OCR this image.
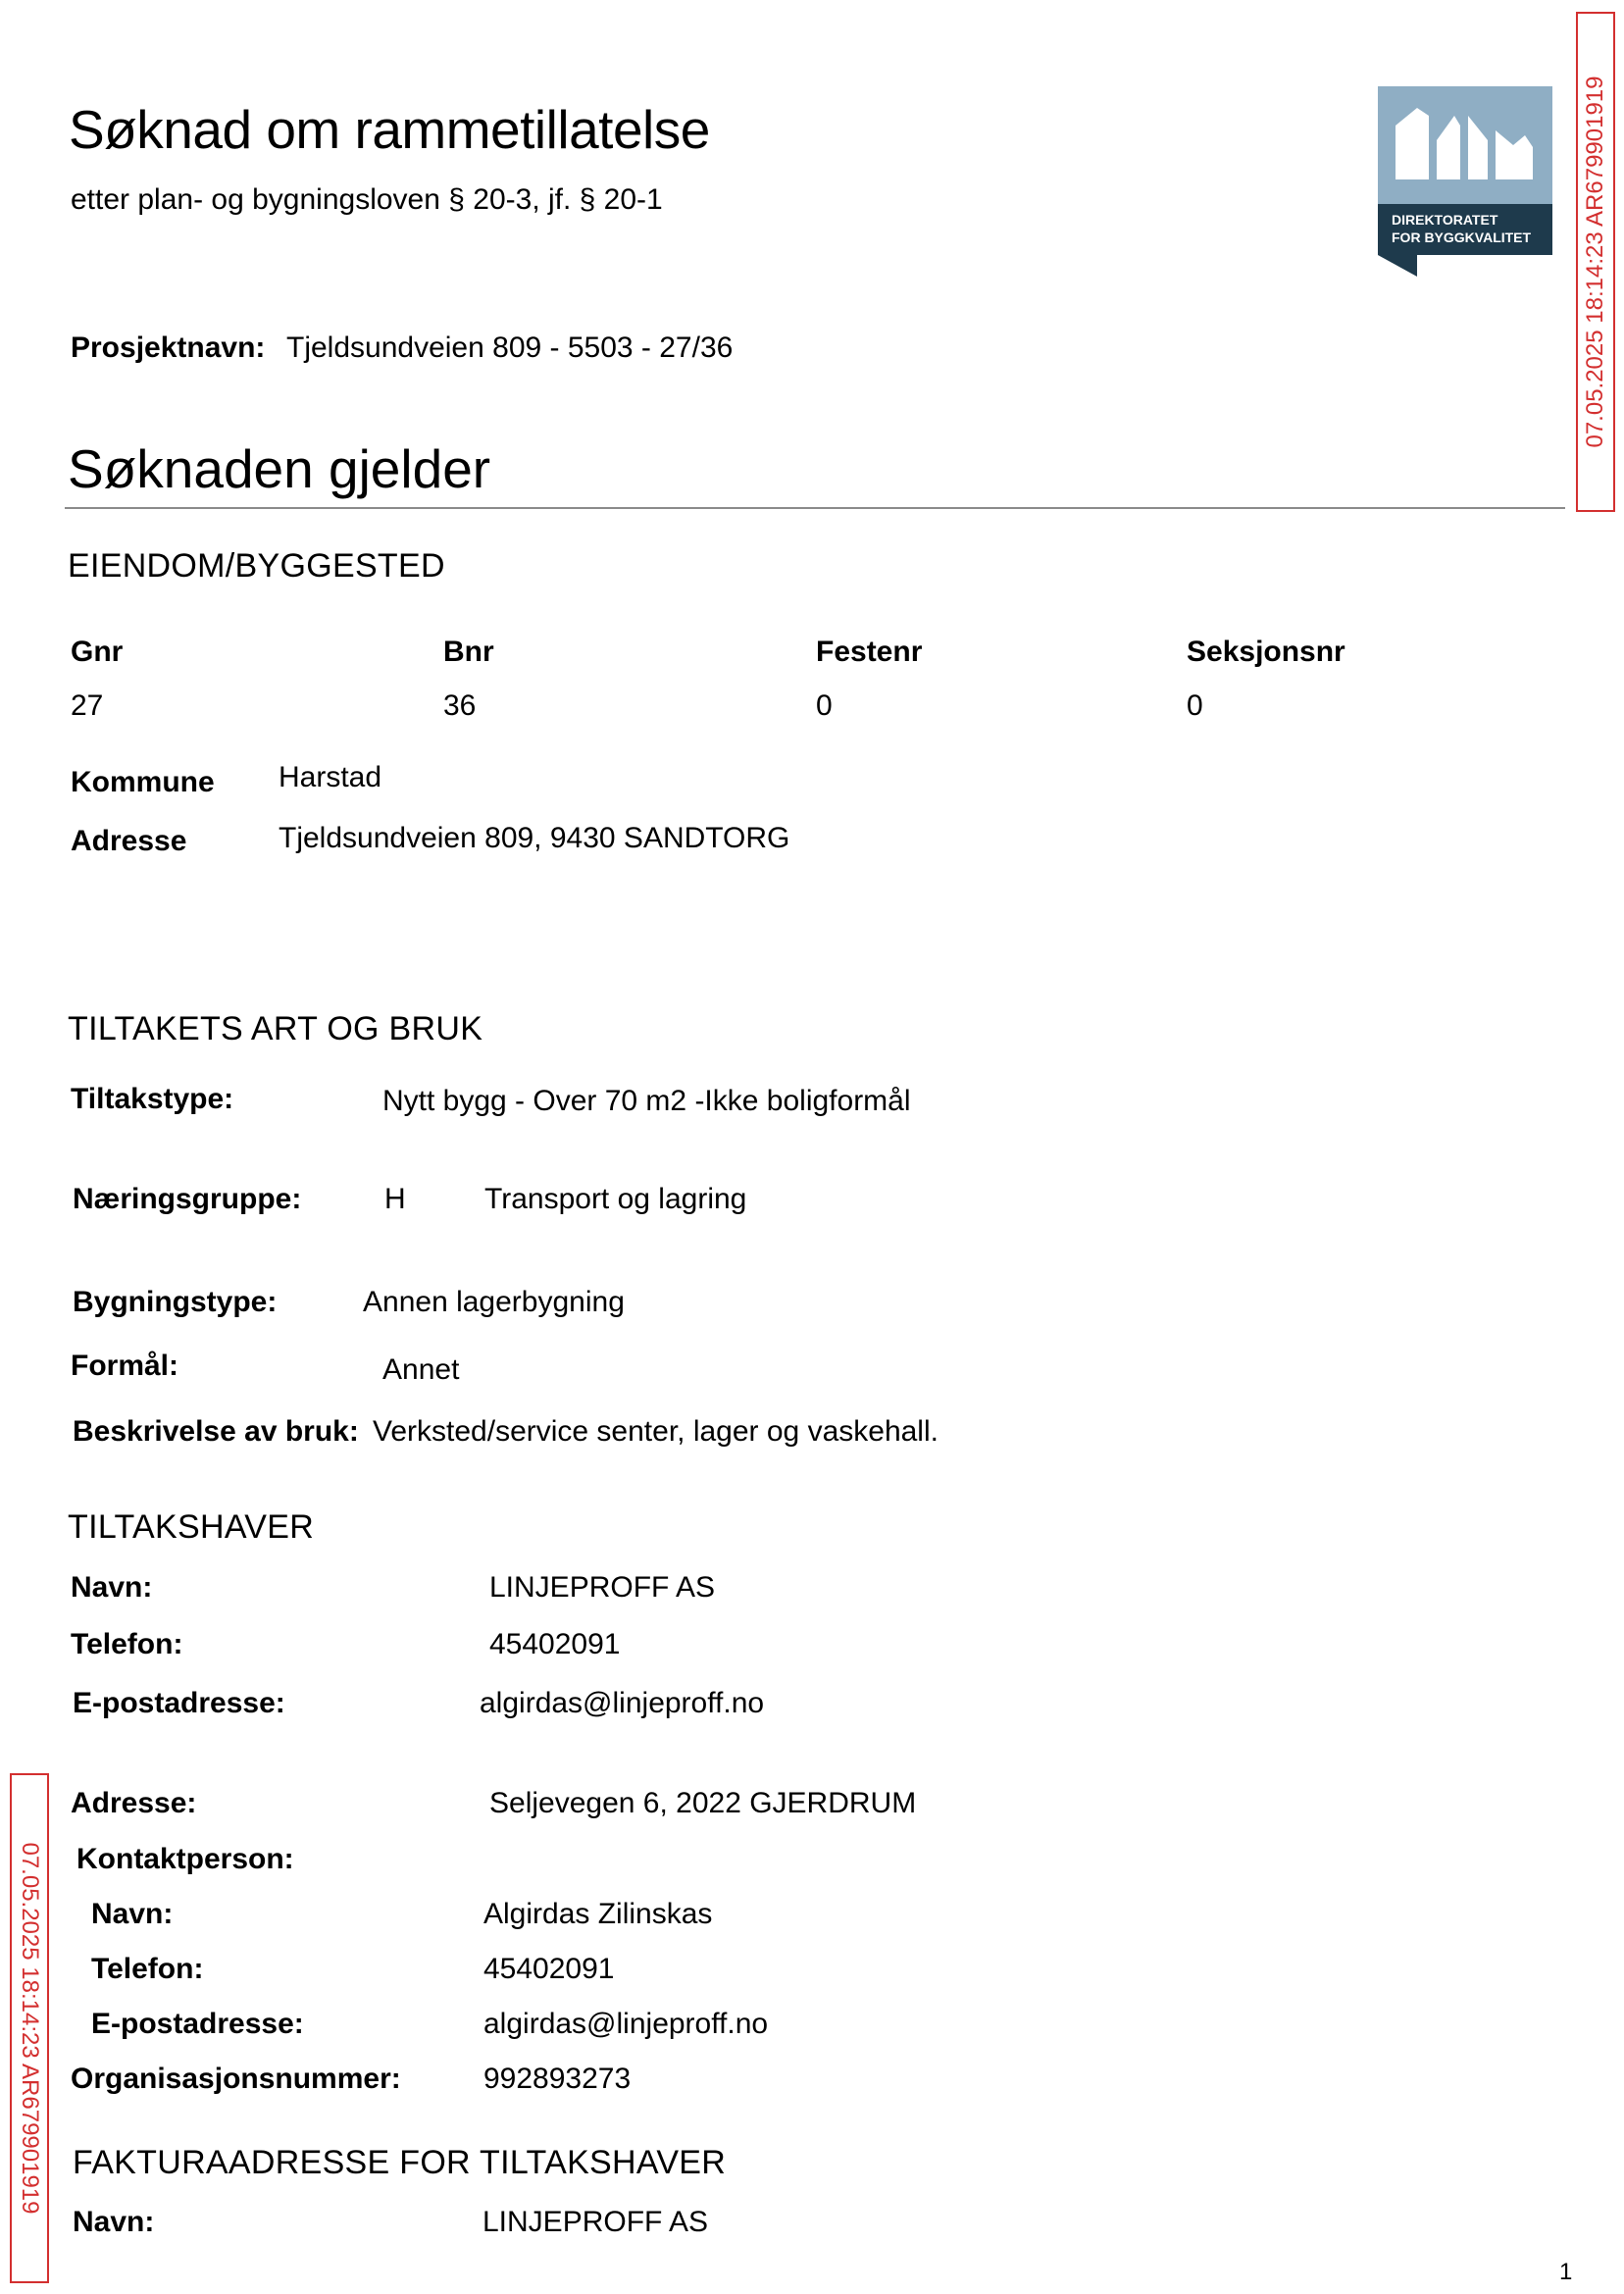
Søknad om rammetillatelse
etter plan- og bygningsloven § 20-3, jf. § 20-1
DIREKTORATET
FOR BYGGKVALITET 07.05.2025 18:14:23 AR679901919
07.05.2025 18:14:23 AR679901919
Prosjektnavn: Tjeldsundveien 809 - 5503 - 27/36
Søknaden gjelder
EIENDOM/BYGGESTED
Gnr	Bnr	Festenr	Seksjonsnr
27	36	0	0
Kommune Harstad
Adresse	Tjeldsundveien 809, 9430 SANDTORG
TILTAKETS ART OG BRUK
Tiltakstype:	Nytt bygg - Over 70 m2 -Ikke boligformål
Næringsgruppe:	H	Transport og lagring
Bygningstype:	Annen lagerbygning
Formål:	Annet
Beskrivelse av bruk: Verksted/service senter, lager og vaskehall.
TILTAKSHAVER
Navn:	LINJEPROFF AS
Telefon:	45402091
E-postadresse:	algirdas@linjeproff.no
Adresse:	Seljevegen 6, 2022 GJERDRUM
Kontaktperson:
Navn:	Algirdas Zilinskas
Telefon:	45402091
E-postadresse:	algirdas@linjeproff.no
Organisasjonsnummer:	992893273
FAKTURAADRESSE FOR TILTAKSHAVER
Navn:	LINJEPROFF AS
1
